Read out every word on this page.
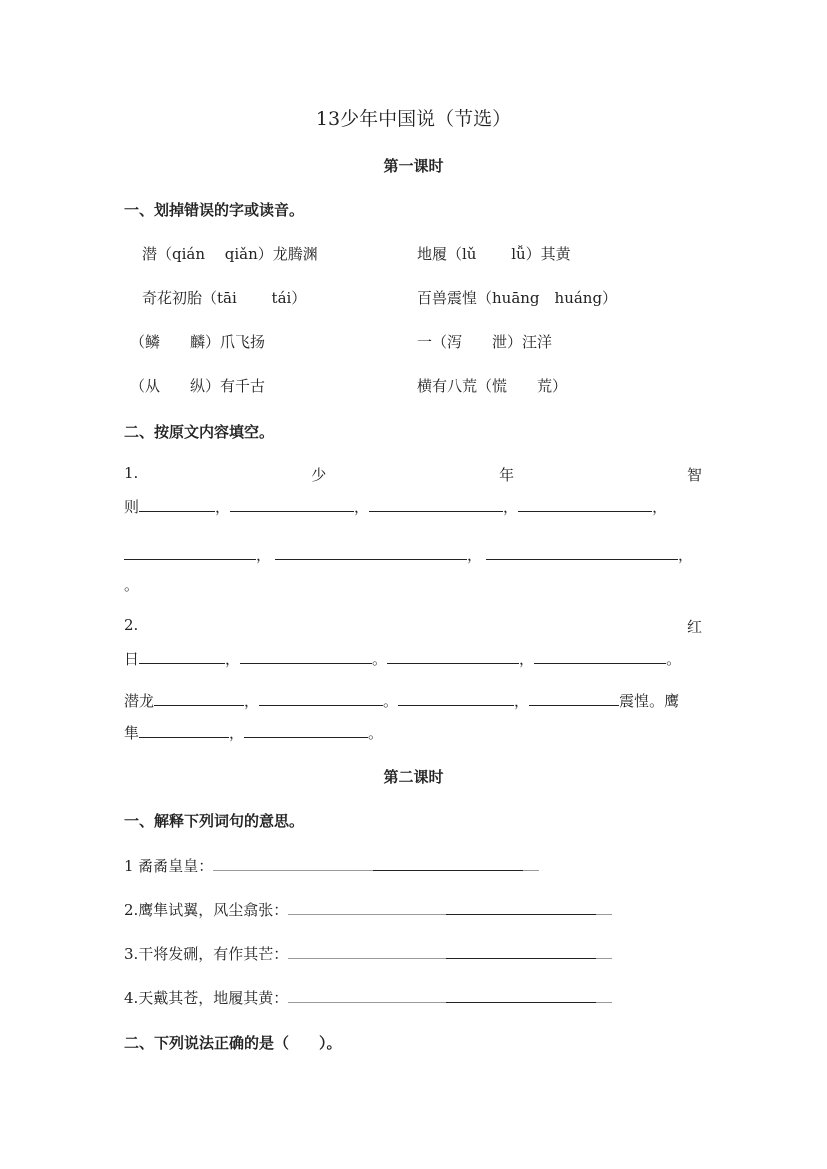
13少年中国说（节选）
第一课时
一、划掉错误的字或读音。
潜（qián　 qiǎn）龙腾渊	地履（lǔ　　 lǚ）其黄
奇花初胎（tāi　　 tái）	百兽震惶（huāng　huáng）
（鳞　　麟）爪飞扬	一（泻　　泄）汪洋
（从　　纵）有千古	横有八荒（慌　　荒）
二、按原文内容填空。
1.	少	年	智
则	，	，	，	，
，	，	，
。
2.	红
日	，	。	，	。
潜龙	，	。	，	震惶。鹰
隼	，	。
第二课时
一、解释下列词句的意思。
1 矞矞皇皇：
2.鹰隼试翼，风尘翕张：
3.干将发硎，有作其芒：
4.天戴其苍，地履其黄：
二、下列说法正确的是（　　）。
